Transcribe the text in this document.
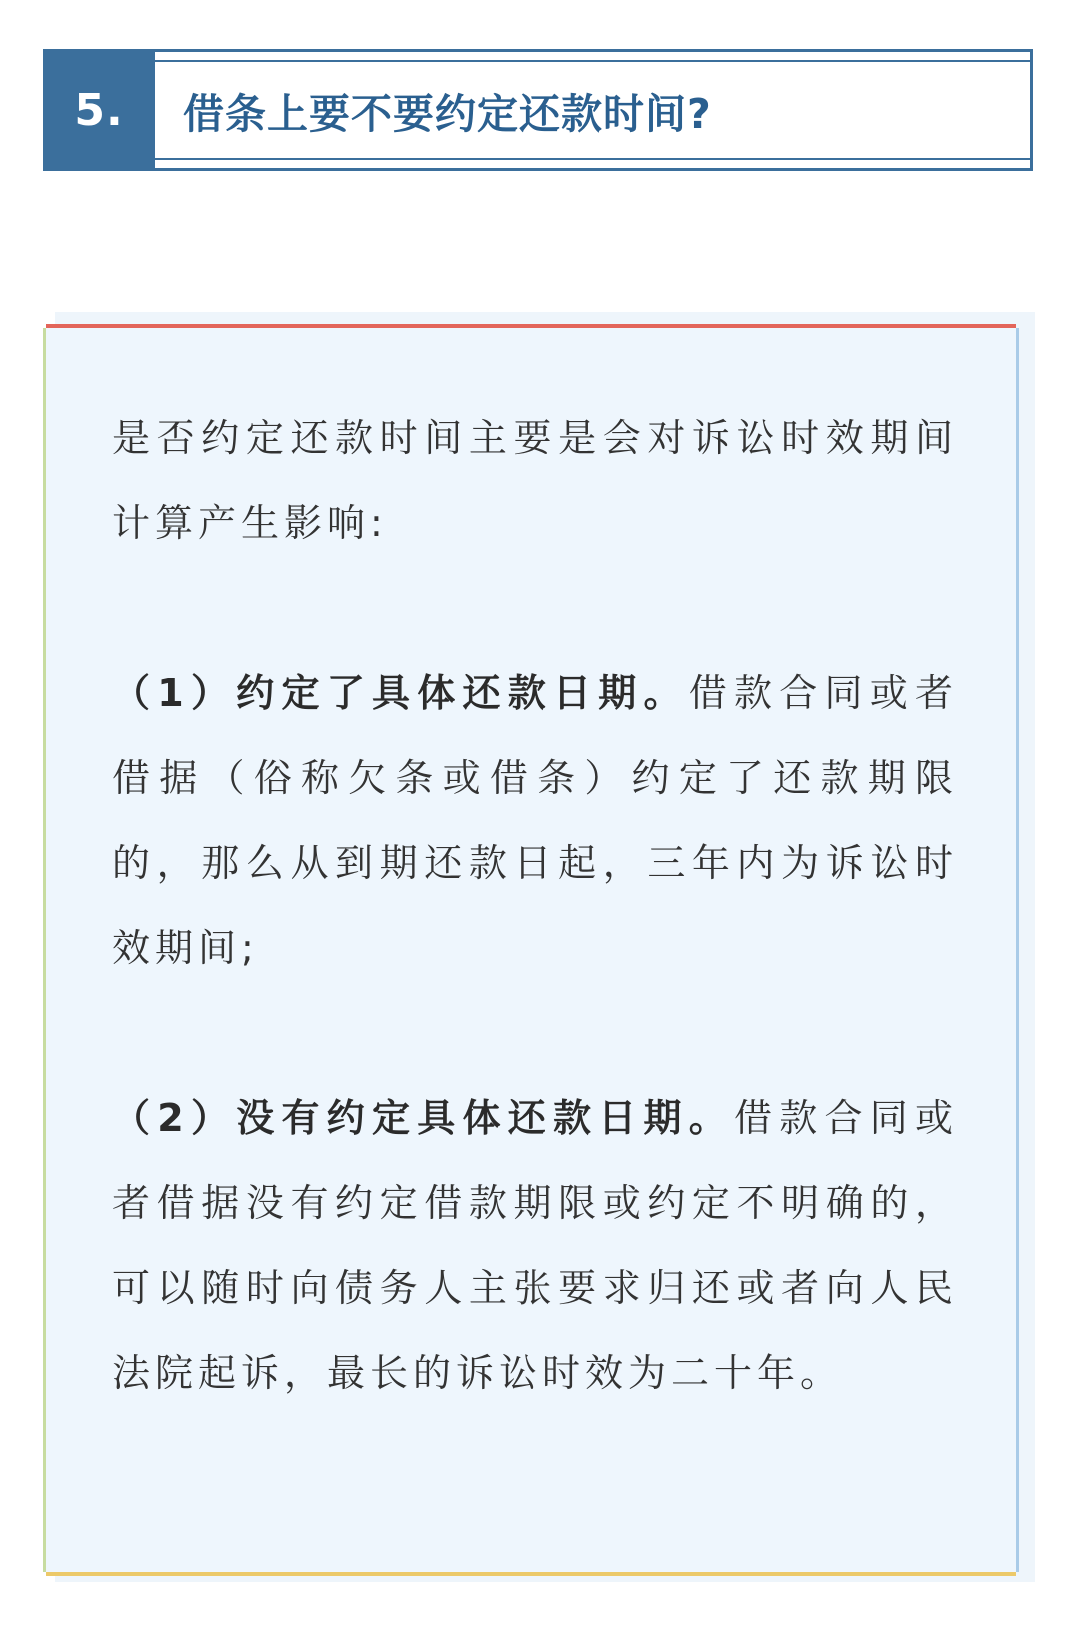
5.	借条上要不要约定还款时间?

是否约定还款时间主要是会对诉讼时效期间计算产生影响:

（1）约定了具体还款日期。借款合同或者借据（俗称欠条或借条）约定了还款期限的，那么从到期还款日起，三年内为诉讼时效期间;

（2）没有约定具体还款日期。借款合同或者借据没有约定借款期限或约定不明确的，可以随时向债务人主张要求归还或者向人民法院起诉，最长的诉讼时效为二十年。
